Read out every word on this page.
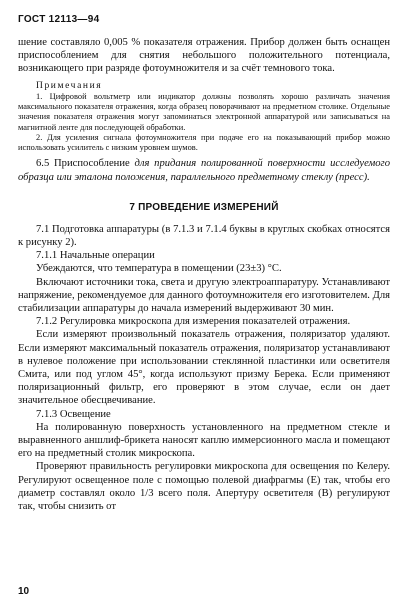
ГОСТ 12113—94

шение составляло 0,005 % показателя отражения. Прибор должен быть оснащен приспособлением для снятия небольшого положительного потенциала, возникающего при разряде фотоумножителя и за счёт темнового тока.

Примечания

1. Цифровой вольтметр или индикатор должны позволять хорошо различать значения максимального показателя отражения, когда образец поворачивают на предметном столике. Отдельные значения показателя отражения могут запоминаться электронной аппаратурой или записываться на магнитной ленте для последующей обработки.

2. Для усиления сигнала фотоумножителя при подаче его на показывающий прибор можно использовать усилитель с низким уровнем шумов.

6.5 Приспособление для придания полированной поверхности исследуемого образца или эталона положения, параллельного предметному стеклу (пресс).

7 ПРОВЕДЕНИЕ ИЗМЕРЕНИЙ

7.1 Подготовка аппаратуры (в 7.1.3 и 7.1.4 буквы в круглых скобках относятся к рисунку 2).

7.1.1 Начальные операции

Убеждаются, что температура в помещении (23±3) °С.

Включают источники тока, света и другую электроаппаратуру. Устанавливают напряжение, рекомендуемое для данного фотоумножителя его изготовителем. Для стабилизации аппаратуры до начала измерений выдерживают 30 мин.

7.1.2 Регулировка микроскопа для измерения показателей отражения.

Если измеряют произвольный показатель отражения, поляризатор удаляют. Если измеряют максимальный показатель отражения, поляризатор устанавливают в нулевое положение при использовании стеклянной пластинки или осветителя Смита, или под углом 45°, когда используют призму Берека. Если применяют поляризационный фильтр, его проверяют в этом случае, если он дает значительное обесцвечивание.

7.1.3 Освещение

На полированную поверхность установленного на предметном стекле и выравненного аншлиф-брикета наносят каплю иммерсионного масла и помещают его на предметный столик микроскопа.

Проверяют правильность регулировки микроскопа для освещения по Келеру. Регулируют освещенное поле с помощью полевой диафрагмы (Е) так, чтобы его диаметр составлял около 1/3 всего поля. Апертуру осветителя (В) регулируют так, чтобы снизить от

10
